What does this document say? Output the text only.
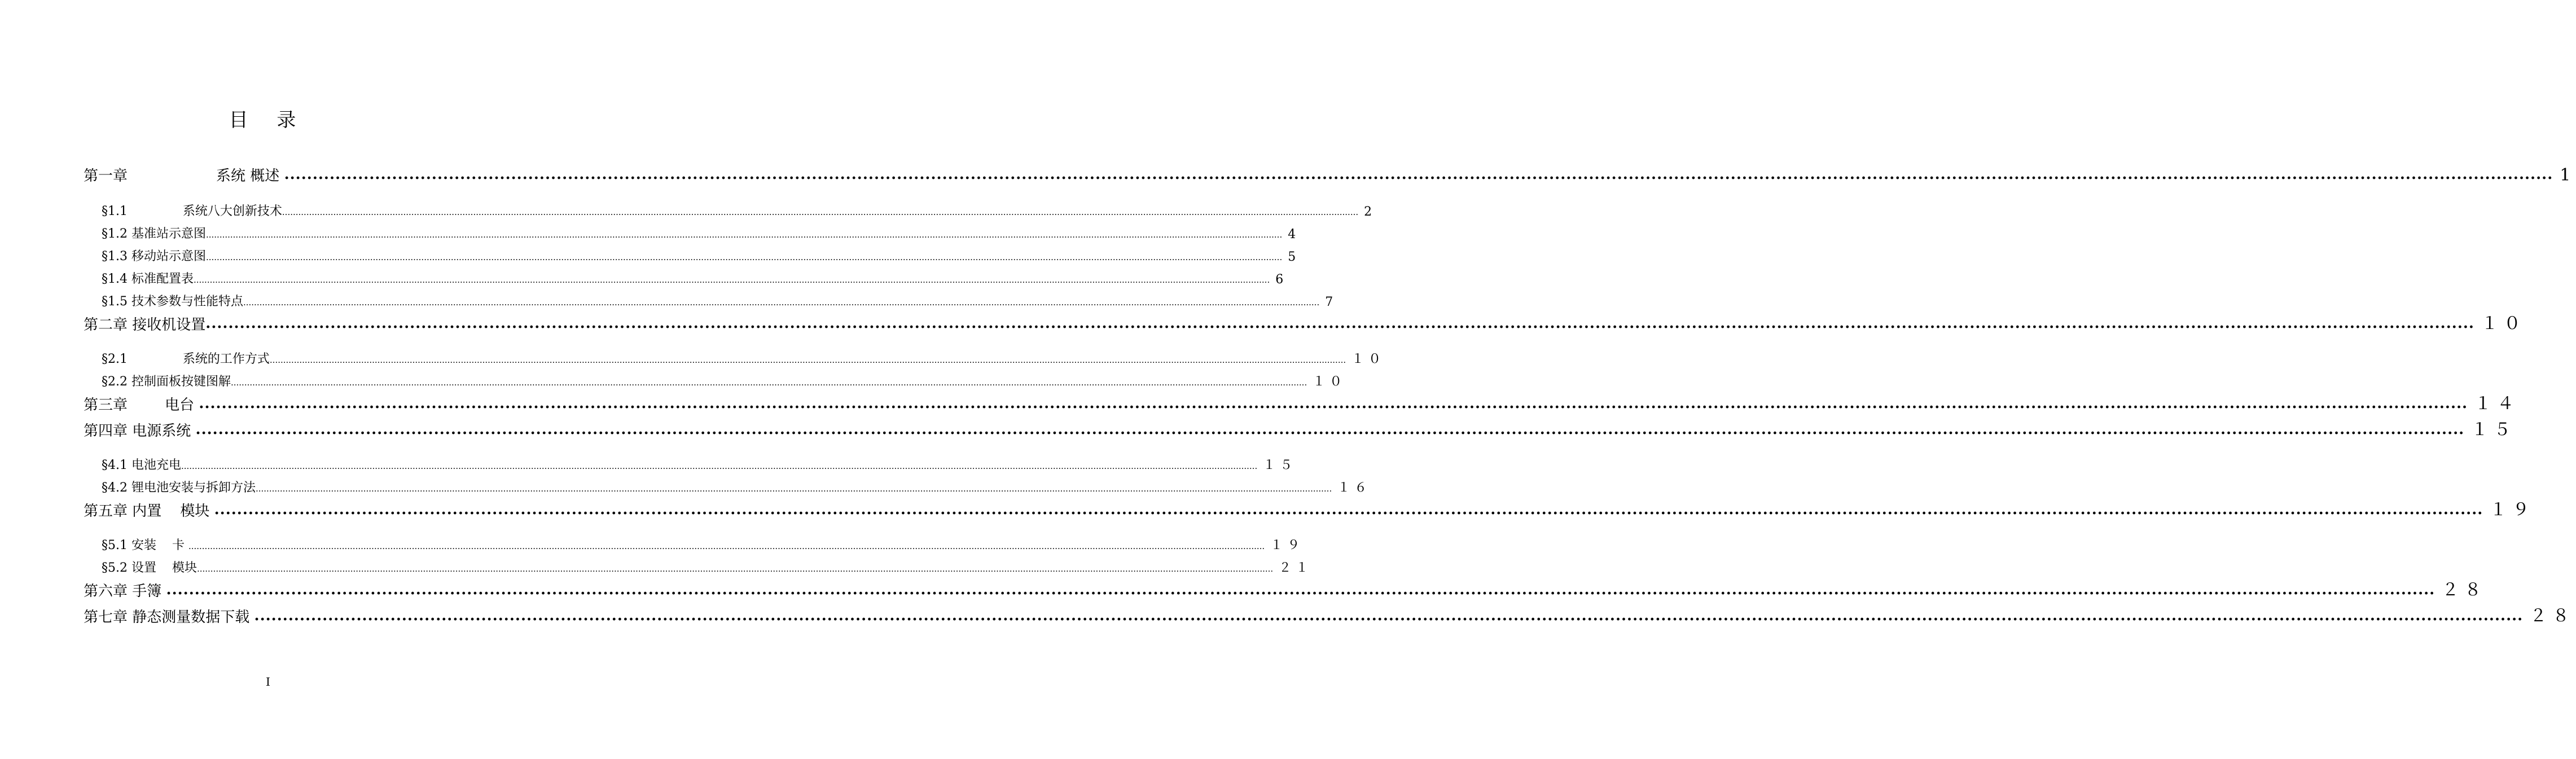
目 录
第一章                   系统 概述 ................................................................................................................................................................................................................................................................................................................................................................................................................ 1
§1.1              系统八大创新技术 ................................................................................................................................................................................................................................................................................................................................................................................................................ 2
§1.2 基准站示意图 ................................................................................................................................................................................................................................................................................................................................................................................................................ 4
§1.3 移动站示意图 ................................................................................................................................................................................................................................................................................................................................................................................................................ 5
§1.4 标准配置表 ................................................................................................................................................................................................................................................................................................................................................................................................................ 6
§1.5 技术参数与性能特点 ................................................................................................................................................................................................................................................................................................................................................................................................................ 7
第二章 接收机设置 ................................................................................................................................................................................................................................................................................................................................................................................................................ １０
§2.1              系统的工作方式 ................................................................................................................................................................................................................................................................................................................................................................................................................ １０
§2.2 控制面板按键图解 ................................................................................................................................................................................................................................................................................................................................................................................................................ １０
第三章        电台 ................................................................................................................................................................................................................................................................................................................................................................................................................ １４
第四章 电源系统 ................................................................................................................................................................................................................................................................................................................................................................................................................ １５
§4.1 电池充电 ................................................................................................................................................................................................................................................................................................................................................................................................................ １５
§4.2 锂电池安装与拆卸方法 ................................................................................................................................................................................................................................................................................................................................................................................................................ １６
第五章 内置    模块 ................................................................................................................................................................................................................................................................................................................................................................................................................ １９
§5.1 安装    卡 ................................................................................................................................................................................................................................................................................................................................................................................................................ １９
§5.2 设置    模块 ................................................................................................................................................................................................................................................................................................................................................................................................................ ２１
第六章 手簿 ................................................................................................................................................................................................................................................................................................................................................................................................................ ２８
第七章 静态测量数据下载 ................................................................................................................................................................................................................................................................................................................................................................................................................ ２８
I
